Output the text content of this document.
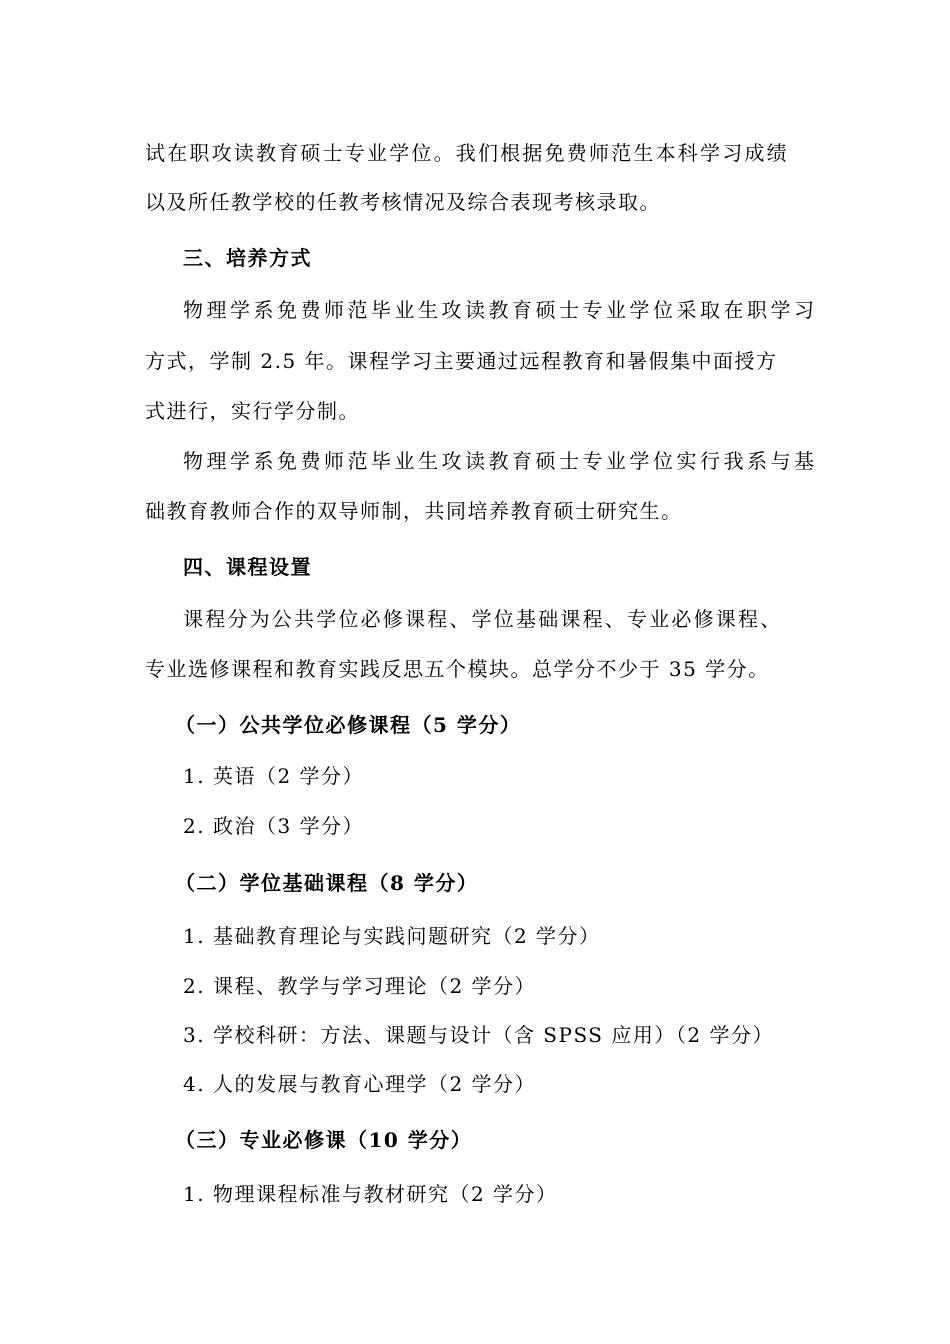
试在职攻读教育硕士专业学位。我们根据免费师范生本科学习成绩
以及所任教学校的任教考核情况及综合表现考核录取。
三、培养方式
物理学系免费师范毕业生攻读教育硕士专业学位采取在职学习
方式，学制 2.5 年。课程学习主要通过远程教育和暑假集中面授方
式进行，实行学分制。
物理学系免费师范毕业生攻读教育硕士专业学位实行我系与基
础教育教师合作的双导师制，共同培养教育硕士研究生。
四、课程设置
课程分为公共学位必修课程、学位基础课程、专业必修课程、
专业选修课程和教育实践反思五个模块。总学分不少于 35 学分。
（一）公共学位必修课程（5 学分）
1. 英语（2 学分）
2. 政治（3 学分）
（二）学位基础课程（8 学分）
1. 基础教育理论与实践问题研究（2 学分）
2. 课程、教学与学习理论（2 学分）
3. 学校科研：方法、课题与设计（含 SPSS 应用）（2 学分）
4. 人的发展与教育心理学（2 学分）
（三）专业必修课（10 学分）
1. 物理课程标准与教材研究（2 学分）
